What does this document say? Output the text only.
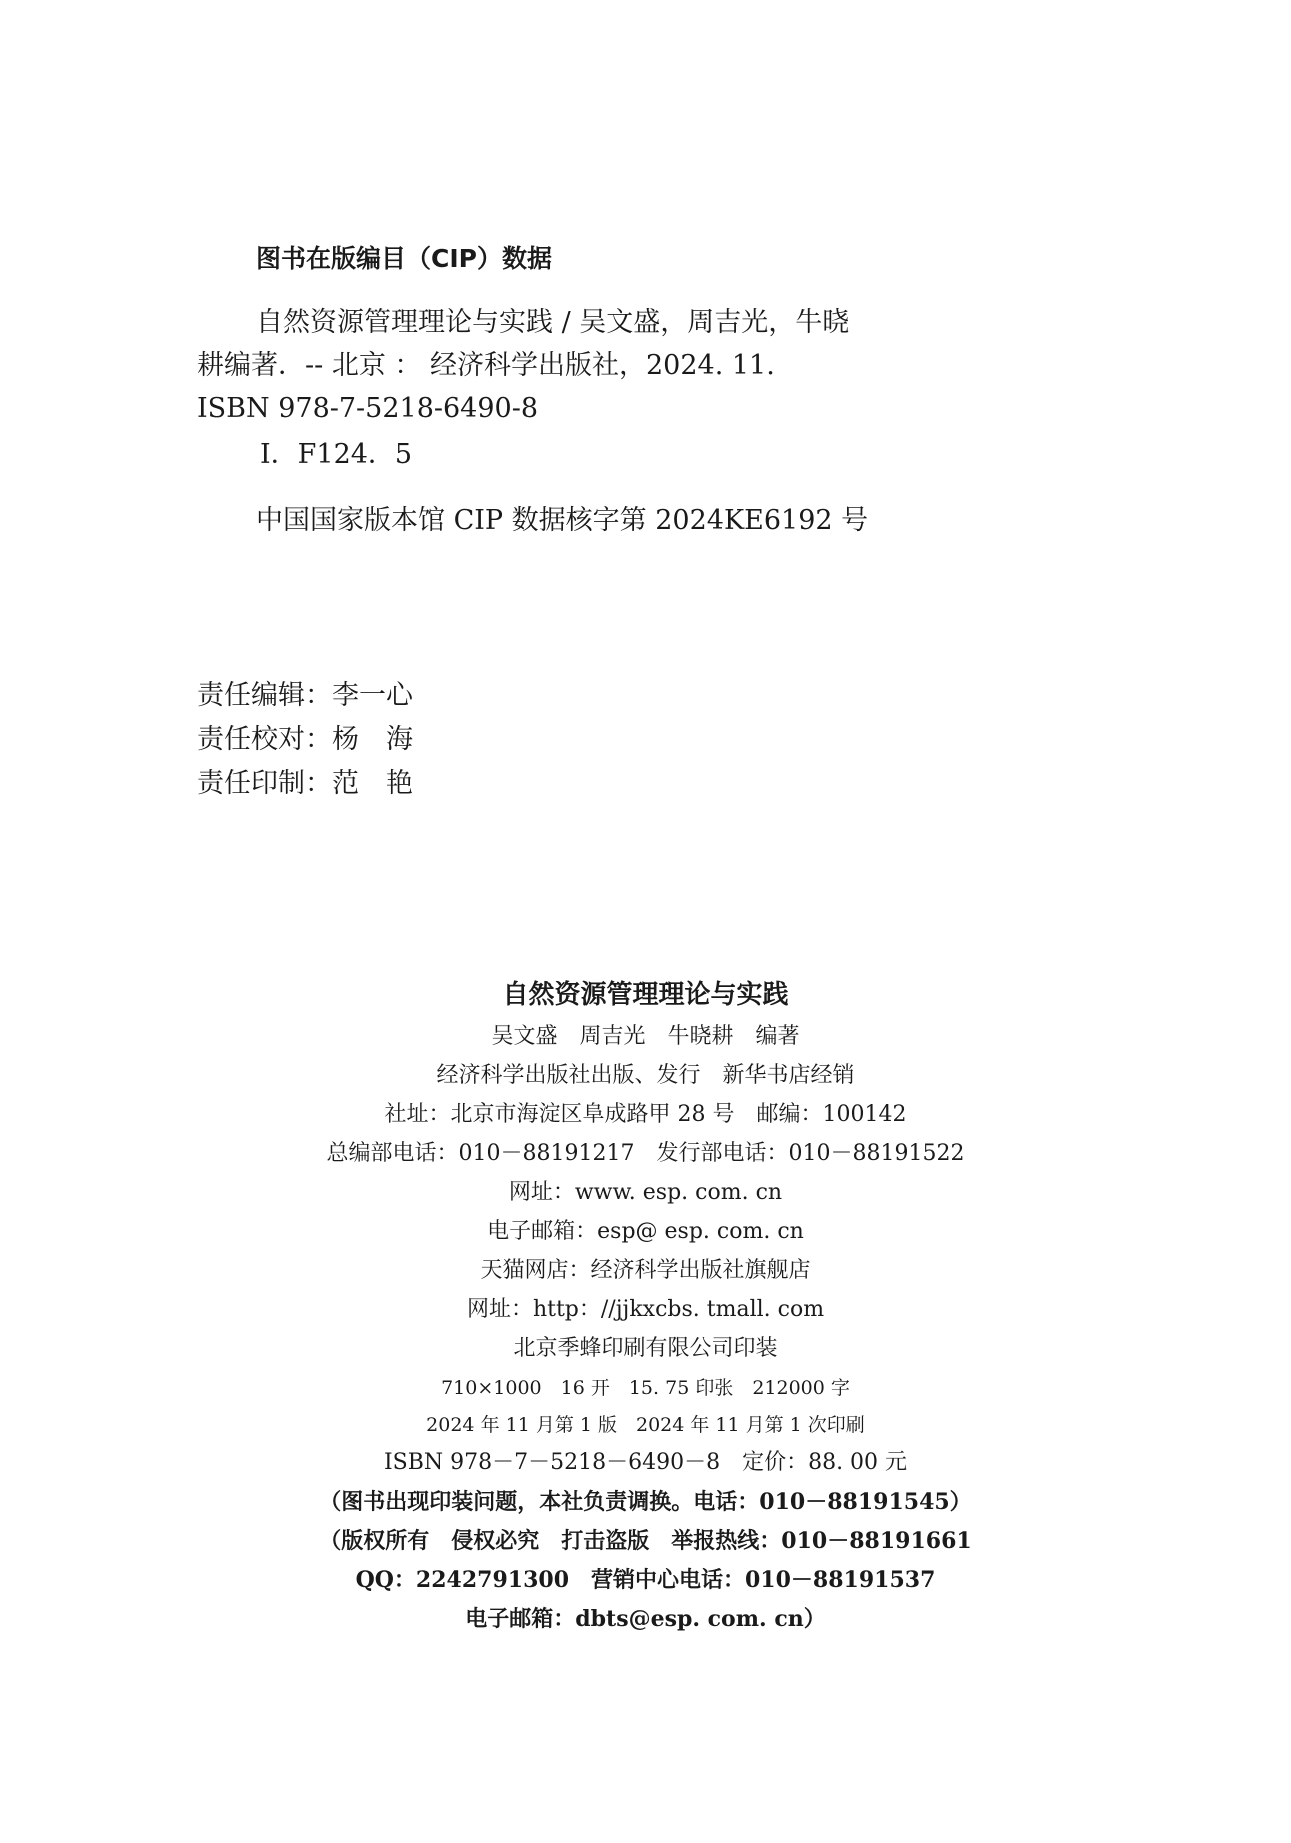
图书在版编目（CIP）数据
自然资源管理理论与实践 / 吴文盛，周吉光，牛晓
耕编著．-- 北京 ： 经济科学出版社，2024. 11.
ISBN 978-7-5218-6490-8
Ⅰ．F124．5
中国国家版本馆 CIP 数据核字第 2024KE6192 号
责任编辑：李一心
责任校对：杨　海
责任印制：范　艳
自然资源管理理论与实践
吴文盛　周吉光　牛晓耕　编著
经济科学出版社出版、发行　新华书店经销
社址：北京市海淀区阜成路甲 28 号　邮编：100142
总编部电话：010－88191217　发行部电话：010－88191522
网址：www. esp. com. cn
电子邮箱：esp@ esp. com. cn
天猫网店：经济科学出版社旗舰店
网址：http：//jjkxcbs. tmall. com
北京季蜂印刷有限公司印装
710×1000　16 开　15. 75 印张　212000 字
2024 年 11 月第 1 版　2024 年 11 月第 1 次印刷
ISBN 978－7－5218－6490－8　定价：88. 00 元
（图书出现印装问题，本社负责调换。电话：010－88191545）
（版权所有　侵权必究　打击盗版　举报热线：010－88191661
QQ：2242791300　营销中心电话：010－88191537
电子邮箱：dbts@esp. com. cn）
